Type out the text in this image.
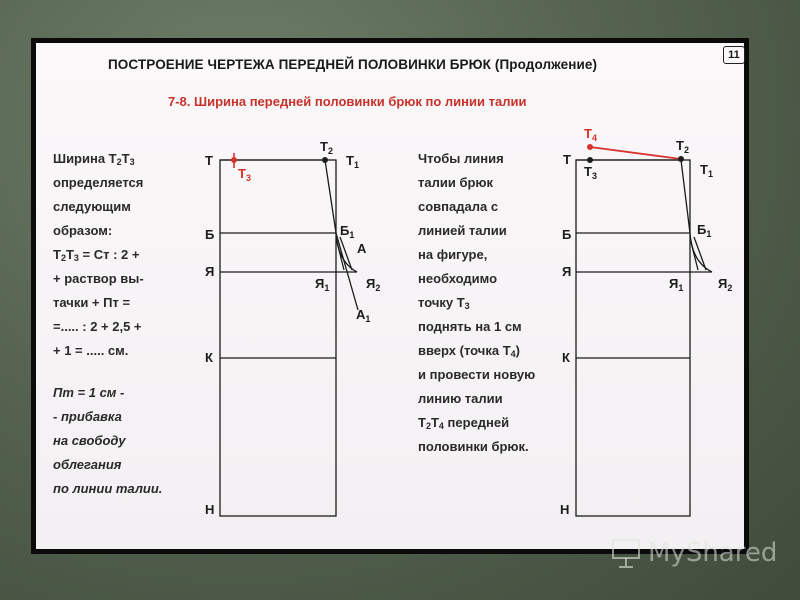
ПОСТРОЕНИЕ ЧЕРТЕЖА ПЕРЕДНЕЙ ПОЛОВИНКИ БРЮК (Продолжение)
11
7-8. Ширина передней половинки брюк по линии талии
Ширина $Т_2Т_3$
определяется
следующим
образом:
$Т_2Т_3$ = Ст : 2 +
+ раствор вы-
тачки + Пт =
=..... : 2 + 2,5 +
+ 1 = ..... см.
Пт = 1 см -
- прибавка
на свободу
облегания
по линии талии.
Чтобы линия
талии брюк
совпадала с
линией талии
на фигуре,
необходимо
точку $Т_3$
поднять на 1 см
вверх (точка $Т_4$)
и провести новую
линию талии
$Т_2Т_4$ передней
половинки брюк.
Т
$Т_2$
$Т_1$
Б	$Б_1$
А
Я
$Я_1$	$Я_2$
$А_1$
К
Н
$Т_3$
Т
$Т_2$
$Т_1$
$Т_3$
Б	$Б_1$
Я
$Я_1$	$Я_2$
К
Н
$Т_4$
MyShared
